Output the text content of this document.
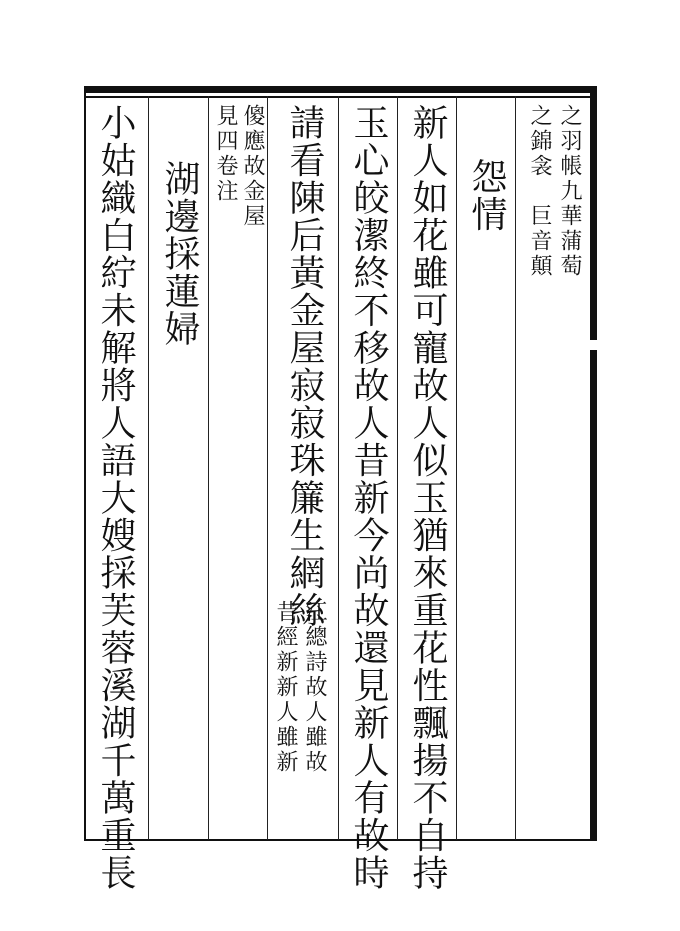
之羽帳九華蒲萄
之錦衾　巨音顛
怨情
新人如花雖可寵故人似玉猶來重花性飄揚不自持
玉心皎潔終不移故人昔新今尚故還見新人有故時
請看陳后黃金屋寂寂珠簾生網絲
江總詩故人雖故
昔經新新人雖新
傻應故金屋
見四卷注
湖邊採蓮婦
小姑織白紵未解將人語大嫂採芙蓉溪湖千萬重長
